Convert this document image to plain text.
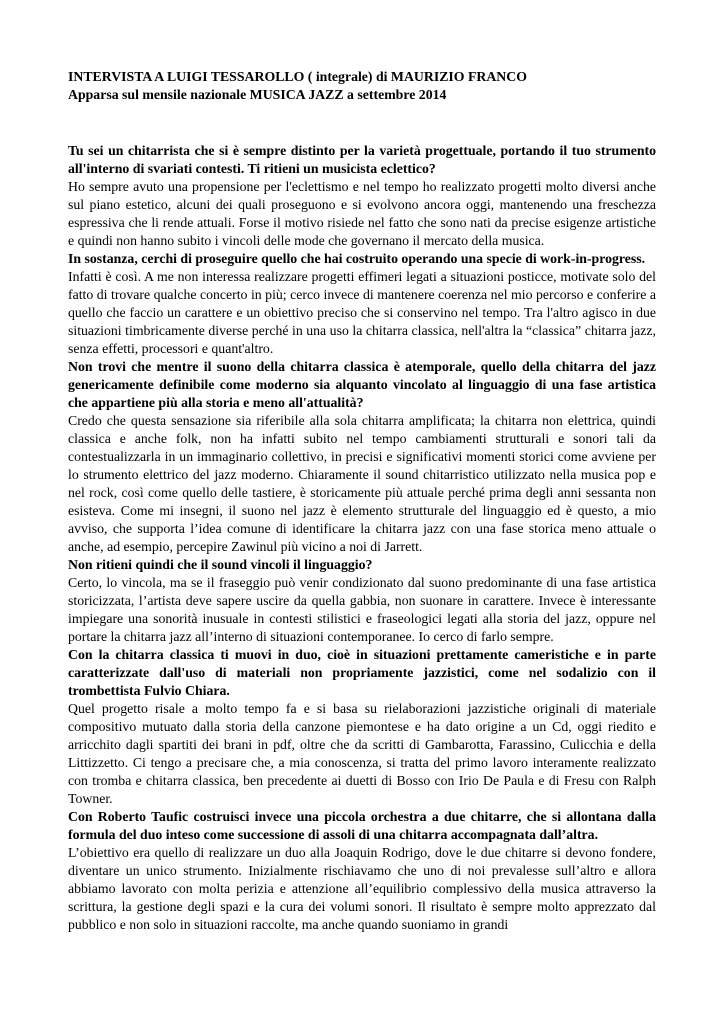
INTERVISTA A LUIGI TESSAROLLO ( integrale) di MAURIZIO FRANCO
Apparsa sul mensile nazionale MUSICA JAZZ a settembre 2014

Tu sei un chitarrista che si è sempre distinto per la varietà progettuale, portando il tuo strumento all'interno di svariati contesti. Ti ritieni un musicista eclettico?

Ho sempre avuto una propensione per l'eclettismo e nel tempo ho realizzato progetti molto diversi anche sul piano estetico, alcuni dei quali proseguono e si evolvono ancora oggi, mantenendo una freschezza espressiva che li rende attuali. Forse il motivo risiede nel fatto che sono nati da precise esigenze artistiche e quindi non hanno subito i vincoli delle mode che governano il mercato della musica.

In sostanza, cerchi di proseguire quello che hai costruito operando una specie di work-in-progress.

Infatti è così. A me non interessa realizzare progetti effimeri legati a situazioni posticce, motivate solo del fatto di trovare qualche concerto in più; cerco invece di mantenere coerenza nel mio percorso e conferire a quello che faccio un carattere e un obiettivo preciso che si conservino nel tempo. Tra l'altro agisco in due situazioni timbricamente diverse perché in una uso la chitarra classica, nell'altra la “classica” chitarra jazz, senza effetti, processori e quant'altro.

Non trovi che mentre il suono della chitarra classica è atemporale, quello della chitarra del jazz genericamente definibile come moderno sia alquanto vincolato al linguaggio di una fase artistica che appartiene più alla storia e meno all'attualità?

Credo che questa sensazione sia riferibile alla sola chitarra amplificata; la chitarra non elettrica, quindi classica e anche folk, non ha infatti subito nel tempo cambiamenti strutturali e sonori tali da contestualizzarla in un immaginario collettivo, in precisi e significativi momenti storici come avviene per lo strumento elettrico del jazz moderno. Chiaramente il sound chitarristico utilizzato nella musica pop e nel rock, così come quello delle tastiere, è storicamente più attuale perché prima degli anni sessanta non esisteva. Come mi insegni, il suono nel jazz è elemento strutturale del linguaggio ed è questo, a mio avviso, che supporta l’idea comune di identificare la chitarra jazz con una fase storica meno attuale o anche, ad esempio, percepire Zawinul più vicino a noi di Jarrett.

Non ritieni quindi che il sound vincoli il linguaggio?

Certo, lo vincola, ma se il fraseggio può venir condizionato dal suono predominante di una fase artistica storicizzata, l’artista deve sapere uscire da quella gabbia, non suonare in carattere. Invece è interessante impiegare una sonorità inusuale in contesti stilistici e fraseologici legati alla storia del jazz, oppure nel portare la chitarra jazz all’interno di situazioni contemporanee. Io cerco di farlo sempre.

Con la chitarra classica ti muovi in duo, cioè in situazioni prettamente cameristiche e in parte caratterizzate dall'uso di materiali non propriamente jazzistici, come nel sodalizio con il trombettista Fulvio Chiara.

Quel progetto risale a molto tempo fa e si basa su rielaborazioni jazzistiche originali di materiale compositivo mutuato dalla storia della canzone piemontese e ha dato origine a un Cd, oggi riedito e arricchito dagli spartiti dei brani in pdf, oltre che da scritti di Gambarotta, Farassino, Culicchia e della Littizzetto. Ci tengo a precisare che, a mia conoscenza, si tratta del primo lavoro interamente realizzato con tromba e chitarra classica, ben precedente ai duetti di Bosso con Irio De Paula e di Fresu con Ralph Towner.

Con Roberto Taufic costruisci invece una piccola orchestra a due chitarre, che si allontana dalla formula del duo inteso come successione di assoli di una chitarra accompagnata dall’altra.

L’obiettivo era quello di realizzare un duo alla Joaquin Rodrigo, dove le due chitarre si devono fondere, diventare un unico strumento. Inizialmente rischiavamo che uno di noi prevalesse sull’altro e allora abbiamo lavorato con molta perizia e attenzione all’equilibrio complessivo della musica attraverso la scrittura, la gestione degli spazi e la cura dei volumi sonori. Il risultato è sempre molto apprezzato dal pubblico e non solo in situazioni raccolte, ma anche quando suoniamo in grandi
